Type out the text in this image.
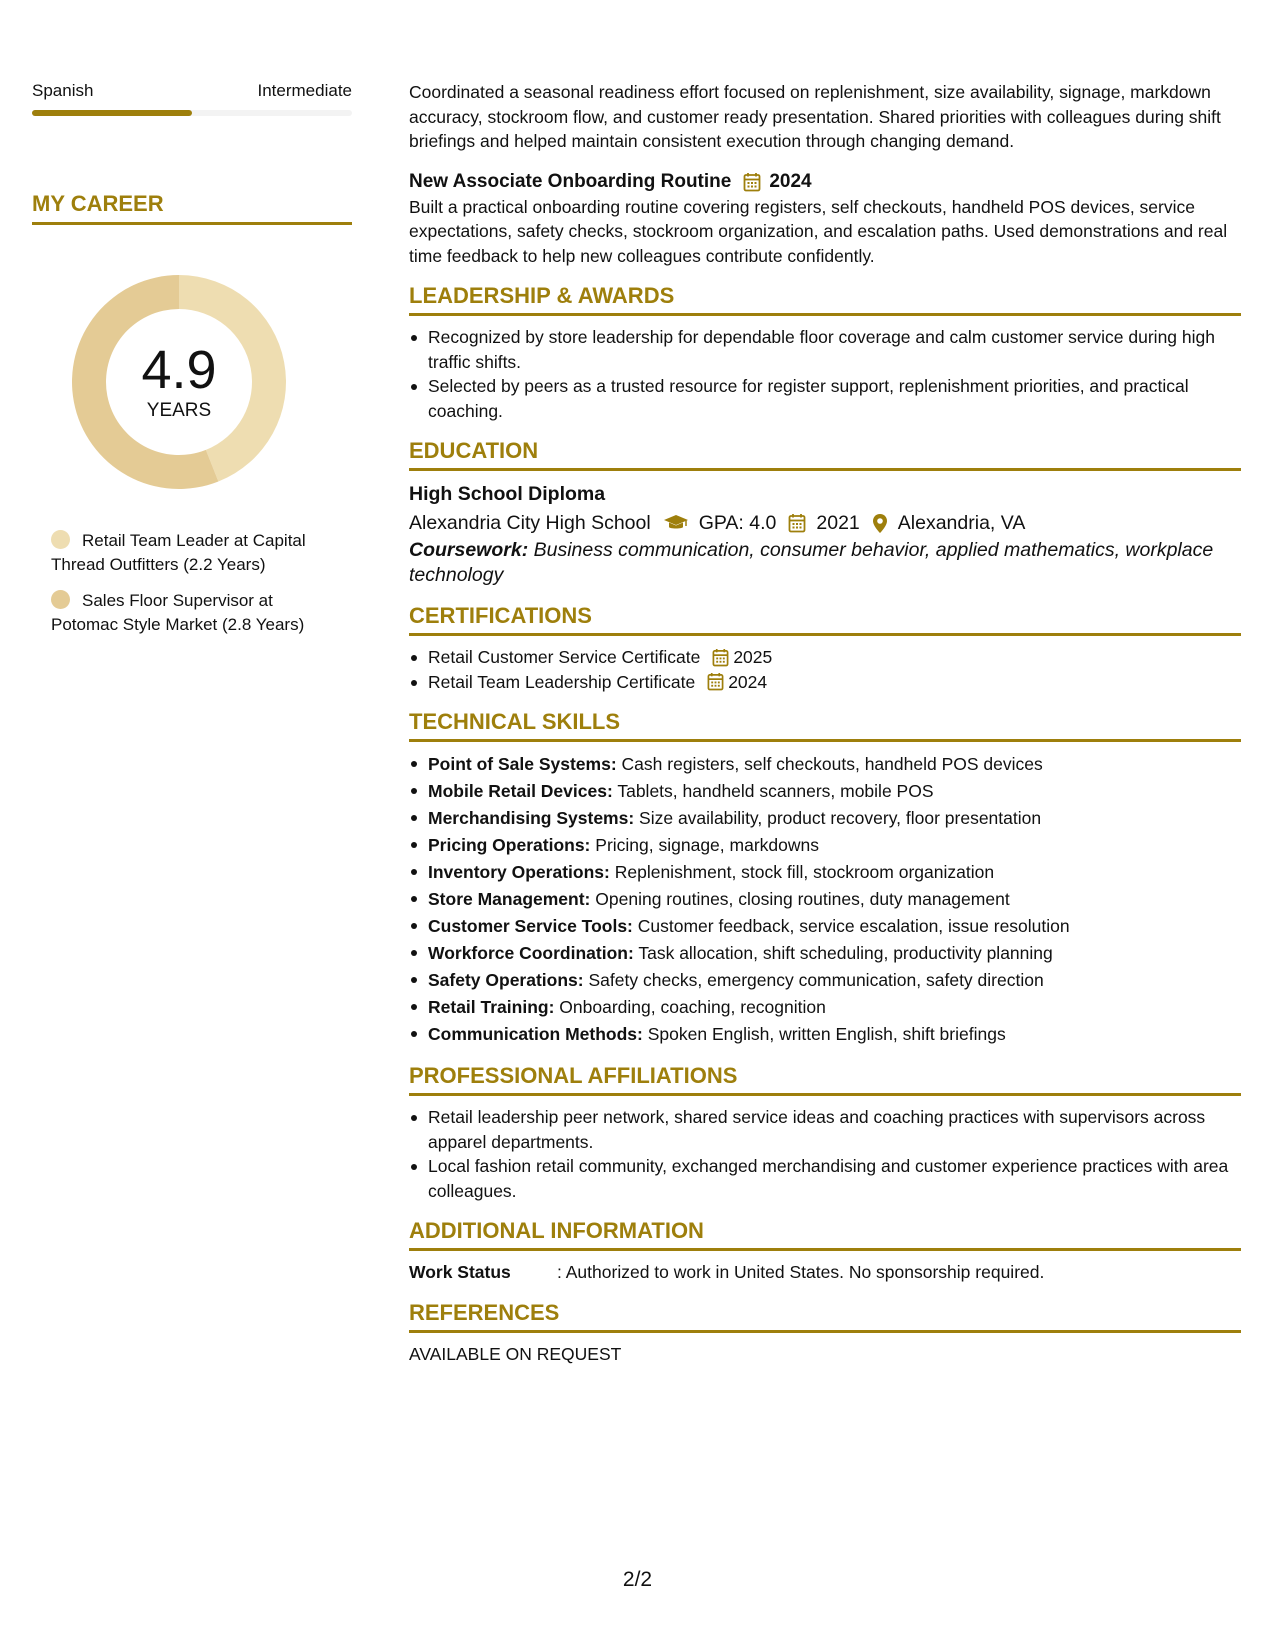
Spanish	Intermediate
MY CAREER
4.9
YEARS
Retail Team Leader at Capital Thread Outfitters (2.2 Years)
Sales Floor Supervisor at Potomac Style Market (2.8 Years)

Coordinated a seasonal readiness effort focused on replenishment, size availability, signage, markdown accuracy, stockroom flow, and customer ready presentation. Shared priorities with colleagues during shift briefings and helped maintain consistent execution through changing demand.

New Associate Onboarding Routine 2024

Built a practical onboarding routine covering registers, self checkouts, handheld POS devices, service expectations, safety checks, stockroom organization, and escalation paths. Used demonstrations and real time feedback to help new colleagues contribute confidently.

LEADERSHIP & AWARDS
Recognized by store leadership for dependable floor coverage and calm customer service during high traffic shifts.
Selected by peers as a trusted resource for register support, replenishment priorities, and practical coaching.
EDUCATION
High School Diploma
Alexandria City High School GPA: 4.0 2021 Alexandria, VA
Coursework: Business communication, consumer behavior, applied mathematics, workplace technology
CERTIFICATIONS
Retail Customer Service Certificate 2025
Retail Team Leadership Certificate 2024
TECHNICAL SKILLS
Point of Sale Systems: Cash registers, self checkouts, handheld POS devices
Mobile Retail Devices: Tablets, handheld scanners, mobile POS
Merchandising Systems: Size availability, product recovery, floor presentation
Pricing Operations: Pricing, signage, markdowns
Inventory Operations: Replenishment, stock fill, stockroom organization
Store Management: Opening routines, closing routines, duty management
Customer Service Tools: Customer feedback, service escalation, issue resolution
Workforce Coordination: Task allocation, shift scheduling, productivity planning
Safety Operations: Safety checks, emergency communication, safety direction
Retail Training: Onboarding, coaching, recognition
Communication Methods: Spoken English, written English, shift briefings
PROFESSIONAL AFFILIATIONS
Retail leadership peer network, shared service ideas and coaching practices with supervisors across apparel departments.
Local fashion retail community, exchanged merchandising and customer experience practices with area colleagues.
ADDITIONAL INFORMATION
Work Status	: Authorized to work in United States. No sponsorship required.
REFERENCES
AVAILABLE ON REQUEST
2/2
